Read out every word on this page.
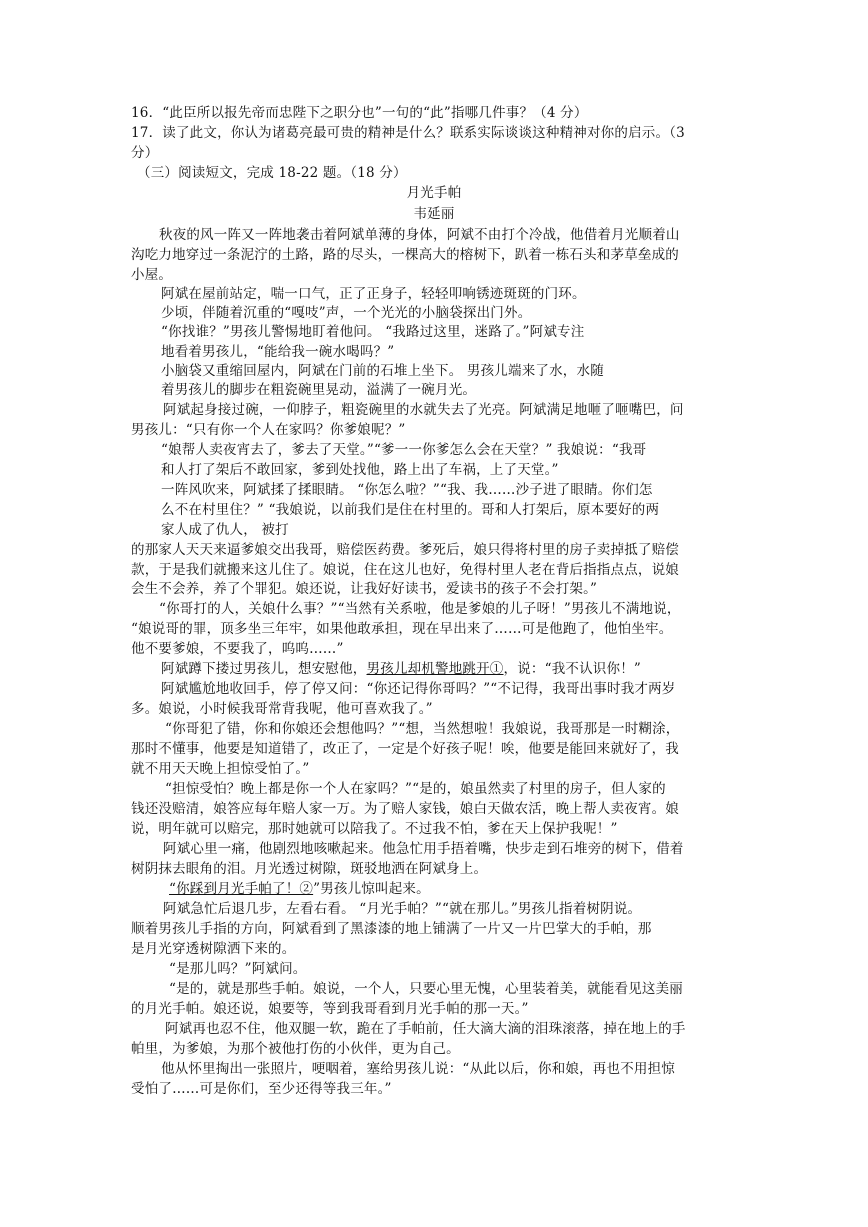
16．“此臣所以报先帝而忠陛下之职分也”一句的“此”指哪几件事？（4 分）
17．读了此文，你认为诸葛亮最可贵的精神是什么？联系实际谈谈这种精神对你的启示。（3
分）
（三）阅读短文，完成 18-22 题。（18 分）
月光手帕
韦延丽
秋夜的风一阵又一阵地袭击着阿斌单薄的身体，阿斌不由打个冷战，他借着月光顺着山
沟吃力地穿过一条泥泞的土路，路的尽头，一棵高大的榕树下，趴着一栋石头和茅草垒成的
小屋。
阿斌在屋前站定，喘一口气，正了正身子，轻轻叩响锈迹斑斑的门环。
少顷，伴随着沉重的“嘎吱”声，一个光光的小脑袋探出门外。
“你找谁？”男孩儿警惕地盯着他问。 “我路过这里，迷路了。”阿斌专注
地看着男孩儿，“能给我一碗水喝吗？”
小脑袋又重缩回屋内，阿斌在门前的石堆上坐下。 男孩儿端来了水，水随
着男孩儿的脚步在粗瓷碗里晃动，溢满了一碗月光。
阿斌起身接过碗，一仰脖子，粗瓷碗里的水就失去了光亮。阿斌满足地咂了咂嘴巴，问
男孩儿：“只有你一个人在家吗？你爹娘呢？”
“娘帮人卖夜宵去了，爹去了天堂。”“爹一一你爹怎么会在天堂？” 我娘说：“我哥
和人打了架后不敢回家，爹到处找他，路上出了车祸，上了天堂。”
一阵风吹来，阿斌揉了揉眼睛。 “你怎么啦？”“我、我……沙子进了眼睛。你们怎
么不在村里住？” “我娘说，以前我们是住在村里的。哥和人打架后，原本要好的两
家人成了仇人， 被打
的那家人天天来逼爹娘交出我哥，赔偿医药费。爹死后，娘只得将村里的房子卖掉抵了赔偿
款，于是我们就搬来这儿住了。娘说，住在这儿也好，免得村里人老在背后指指点点，说娘
会生不会养，养了个罪犯。娘还说，让我好好读书，爱读书的孩子不会打架。”
“你哥打的人，关娘什么事？”“当然有关系啦，他是爹娘的儿子呀！”男孩儿不满地说，
“娘说哥的罪，顶多坐三年牢，如果他敢承担，现在早出来了……可是他跑了，他怕坐牢。
他不要爹娘，不要我了，呜呜……”
阿斌蹲下搂过男孩儿，想安慰他，男孩儿却机警地跳开①，说：“我不认识你！”
阿斌尴尬地收回手，停了停又问：“你还记得你哥吗？”“不记得，我哥出事时我才两岁
多。娘说，小时候我哥常背我呢，他可喜欢我了。”
“你哥犯了错，你和你娘还会想他吗？”“想，当然想啦！我娘说，我哥那是一时糊涂，
那时不懂事，他要是知道错了，改正了，一定是个好孩子呢！唉，他要是能回来就好了，我
就不用天天晚上担惊受怕了。”
“担惊受怕？晚上都是你一个人在家吗？”“是的，娘虽然卖了村里的房子，但人家的
钱还没赔清，娘答应每年赔人家一万。为了赔人家钱，娘白天做农活，晚上帮人卖夜宵。娘
说，明年就可以赔完，那时她就可以陪我了。不过我不怕，爹在天上保护我呢！”
阿斌心里一痛，他剧烈地咳嗽起来。他急忙用手捂着嘴，快步走到石堆旁的树下，借着
树阴抹去眼角的泪。月光透过树隙，斑驳地洒在阿斌身上。
“你踩到月光手帕了！②”男孩儿惊叫起来。
阿斌急忙后退几步，左看右看。 “月光手帕？”“就在那儿。”男孩儿指着树阴说。
顺着男孩儿手指的方向，阿斌看到了黑漆漆的地上铺满了一片又一片巴掌大的手帕，那
是月光穿透树隙洒下来的。
“是那儿吗？”阿斌问。
“是的，就是那些手帕。娘说，一个人，只要心里无愧，心里装着美，就能看见这美丽
的月光手帕。娘还说，娘要等，等到我哥看到月光手帕的那一天。”
阿斌再也忍不住，他双腿一软，跪在了手帕前，任大滴大滴的泪珠滚落，掉在地上的手
帕里，为爹娘，为那个被他打伤的小伙伴，更为自己。
他从怀里掏出一张照片，哽咽着，塞给男孩儿说：“从此以后，你和娘，再也不用担惊
受怕了……可是你们，至少还得等我三年。”
